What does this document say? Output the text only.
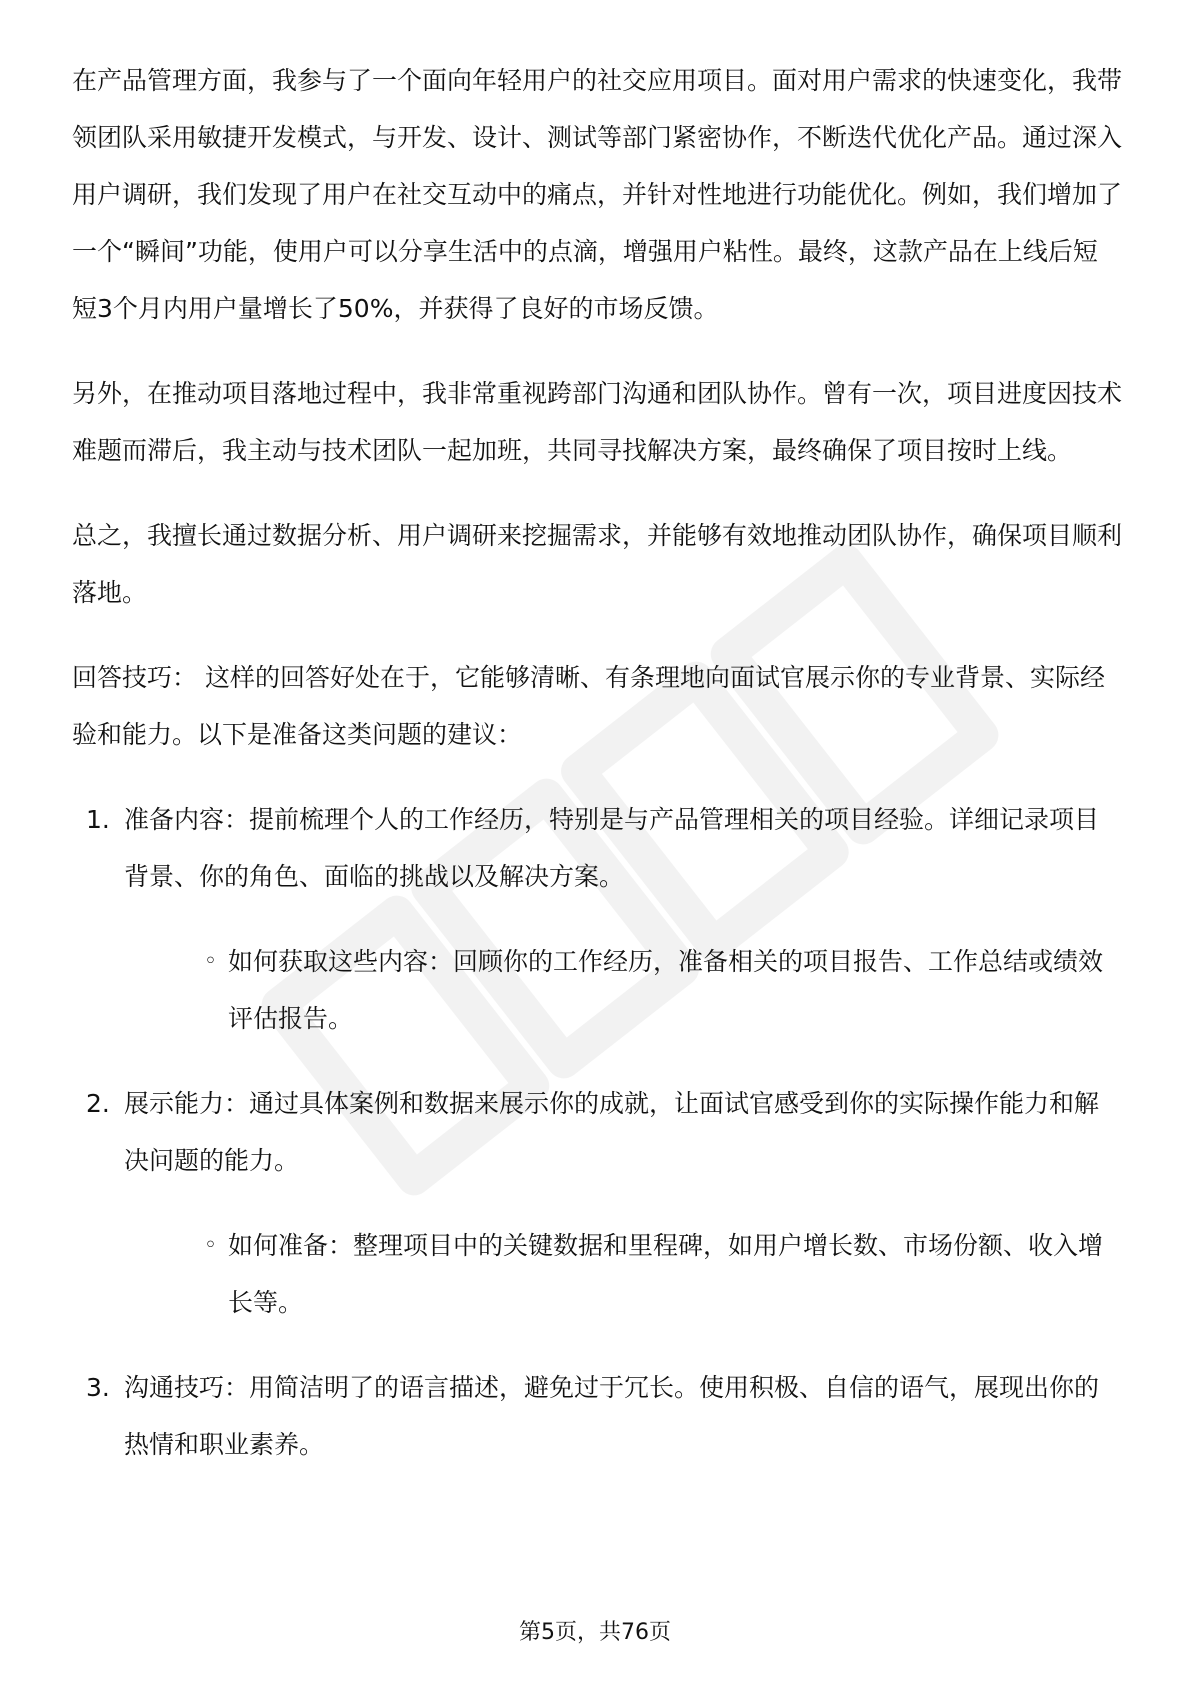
在产品管理方面，我参与了一个面向年轻用户的社交应用项目。面对用户需求的快速变化，我带领团队采用敏捷开发模式，与开发、设计、测试等部门紧密协作，不断迭代优化产品。通过深入用户调研，我们发现了用户在社交互动中的痛点，并针对性地进行功能优化。例如，我们增加了一个“瞬间”功能，使用户可以分享生活中的点滴，增强用户粘性。最终，这款产品在上线后短短3个月内用户量增长了50%，并获得了良好的市场反馈。

另外，在推动项目落地过程中，我非常重视跨部门沟通和团队协作。曾有一次，项目进度因技术难题而滞后，我主动与技术团队一起加班，共同寻找解决方案，最终确保了项目按时上线。

总之，我擅长通过数据分析、用户调研来挖掘需求，并能够有效地推动团队协作，确保项目顺利落地。

回答技巧： 这样的回答好处在于，它能够清晰、有条理地向面试官展示你的专业背景、实际经验和能力。以下是准备这类问题的建议：

1. 准备内容：提前梳理个人的工作经历，特别是与产品管理相关的项目经验。详细记录项目背景、你的角色、面临的挑战以及解决方案。
◦ 如何获取这些内容：回顾你的工作经历，准备相关的项目报告、工作总结或绩效评估报告。
2. 展示能力：通过具体案例和数据来展示你的成就，让面试官感受到你的实际操作能力和解决问题的能力。
◦ 如何准备：整理项目中的关键数据和里程碑，如用户增长数、市场份额、收入增长等。
3. 沟通技巧：用简洁明了的语言描述，避免过于冗长。使用积极、自信的语气，展现出你的热情和职业素养。
第5页，共76页
